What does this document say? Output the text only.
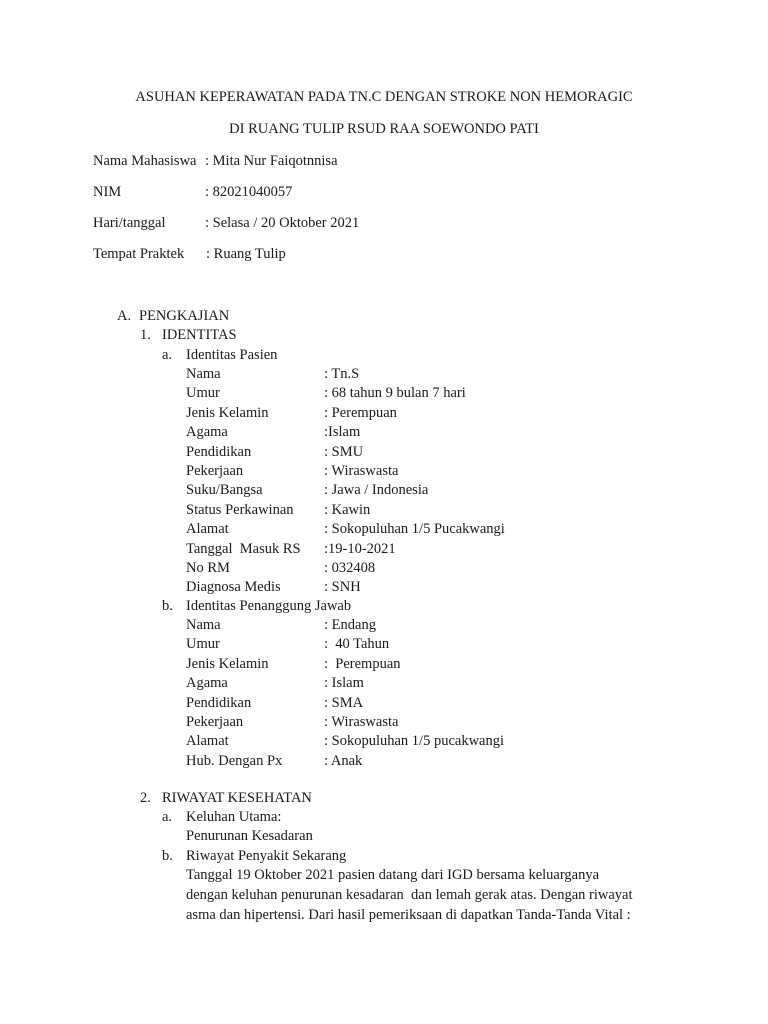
ASUHAN KEPERAWATAN PADA TN.C DENGAN STROKE NON HEMORAGIC
DI RUANG TULIP RSUD RAA SOEWONDO PATI
Nama Mahasiswa : Mita Nur Faiqotnnisa
NIM	: 82021040057
Hari/tanggal	: Selasa / 20 Oktober 2021
Tempat Praktek : Ruang Tulip
A. PENGKAJIAN
1. IDENTITAS
a. Identitas Pasien
Nama	: Tn.S
Umur	: 68 tahun 9 bulan 7 hari
Jenis Kelamin	: Perempuan
Agama	:Islam
Pendidikan	: SMU
Pekerjaan	: Wiraswasta
Suku/Bangsa	: Jawa / Indonesia
Status Perkawinan : Kawin
Alamat	: Sokopuluhan 1/5 Pucakwangi
Tanggal  Masuk RS :19-10-2021
No RM	: 032408
Diagnosa Medis	: SNH
b. Identitas Penanggung Jawab
Nama	: Endang
Umur	:  40 Tahun
Jenis Kelamin	:  Perempuan
Agama	: Islam
Pendidikan	: SMA
Pekerjaan	: Wiraswasta
Alamat	: Sokopuluhan 1/5 pucakwangi
Hub. Dengan Px	: Anak
2. RIWAYAT KESEHATAN
a. Keluhan Utama:
Penurunan Kesadaran
b. Riwayat Penyakit Sekarang
Tanggal 19 Oktober 2021 pasien datang dari IGD bersama keluarganya
dengan keluhan penurunan kesadaran  dan lemah gerak atas. Dengan riwayat
asma dan hipertensi. Dari hasil pemeriksaan di dapatkan Tanda-Tanda Vital :
